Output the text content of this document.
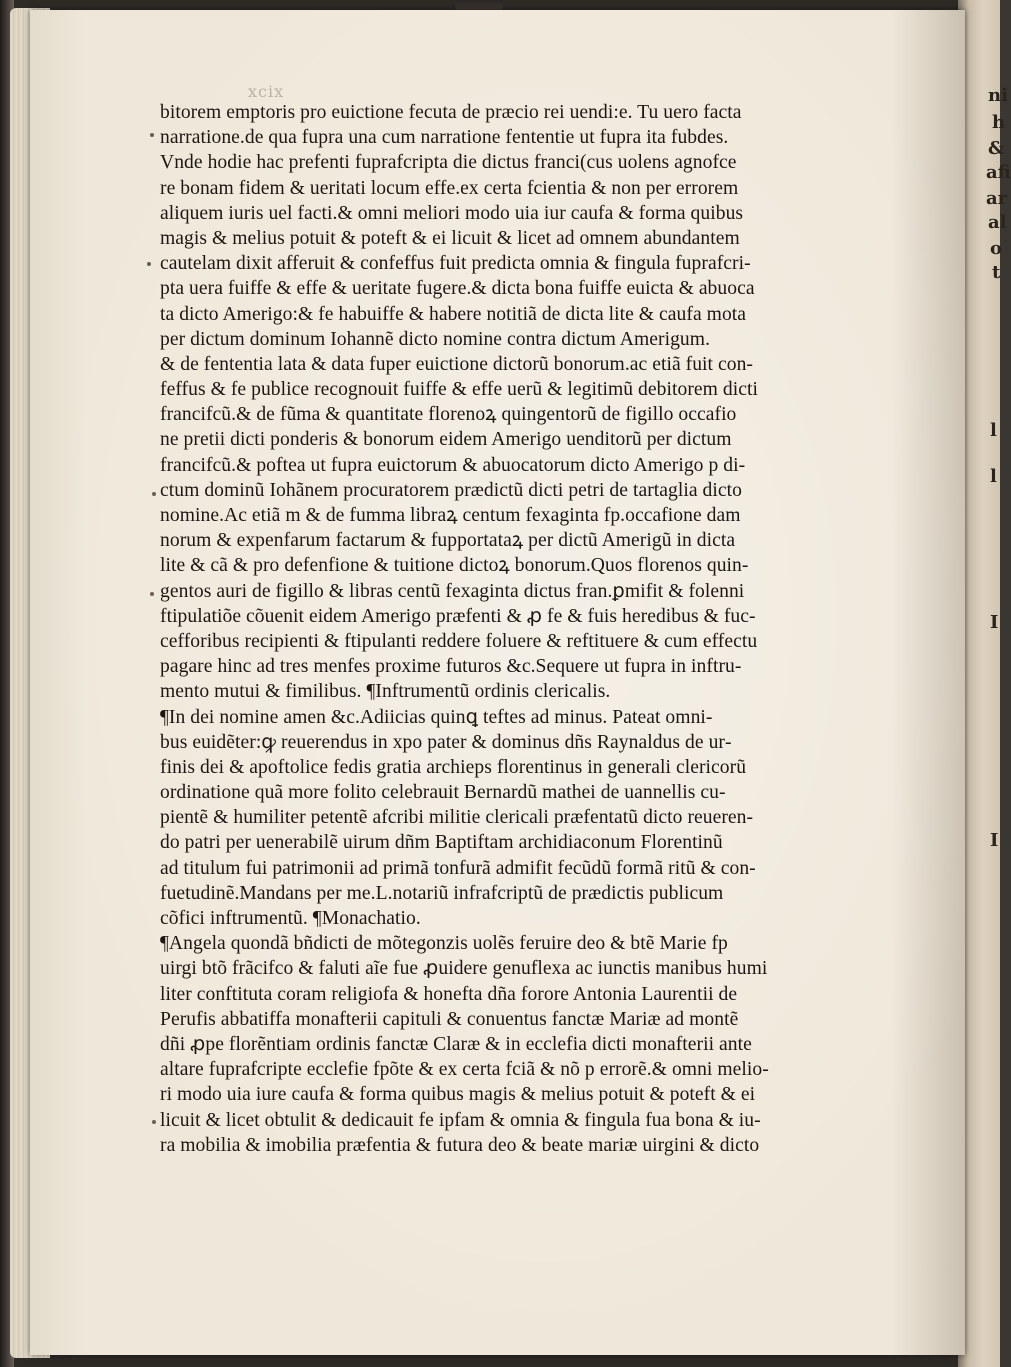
ni
h
&
afi
ar
al
o
t
l
l
I
I
xcix
bitorem emptoris pro euictione fecuta de prӕcio rei uendi:e. Tu uero facta
narratione.de qua fupra una cum narratione fententie ut fupra ita fubdes.
Vnde hodie hac prefenti fuprafcripta die dictus franci(cus uolens agnofce
re bonam fidem & ueritati locum effe.ex certa fcientia & non per errorem
aliquem iuris uel facti.& omni meliori modo uia iur caufa & forma quibus
magis & melius potuit & poteft & ei licuit & licet ad omnem abundantem
cautelam dixit afferuit & confeffus fuit predicta omnia & fingula fuprafcri‑
pta uera fuiffe & effe & ueritate fugere.& dicta bona fuiffe euicta & abuoca
ta dicto Amerigo:& fe habuiffe & habere notitiã de dicta lite & caufa mota
per dictum dominum Iohannẽ dicto nomine contra dictum Amerigum.
& de fententia lata & data fuper euictione dictorũ bonorum.ac etiã fuit con‑
feffus & fe publice recognouit fuiffe & effe uerũ & legitimũ debitorem dicti
francifcũ.& de fũma & quantitate florenoꝝ quingentorũ de figillo occafio
ne pretii dicti ponderis & bonorum eidem Amerigo uenditorũ per dictum
francifcũ.& poftea ut fupra euictorum & abuocatorum dicto Amerigo p di‑
ctum dominũ Iohãnem procuratorem prӕdictũ dicti petri de tartaglia dicto
nomine.Ac etiã m & de fumma libraꝝ centum fexaginta fp.occafione dam
norum & expenfarum factarum & fupportataꝝ per dictũ Amerigũ in dicta
lite & cã & pro defenfione & tuitione dictoꝝ bonorum.Quos florenos quin‑
gentos auri de figillo & libras centũ fexaginta dictus fran.ꝑmifit & folenni
ftipulatiõe cõuenit eidem Amerigo prӕfenti & ꝓ fe & fuis heredibus & fuc‑
cefforibus recipienti & ftipulanti reddere foluere & reftituere & cum effectu
pagare hinc ad tres menfes proxime futuros &c.Sequere ut fupra in inftru‑
mento mutui & fimilibus. ¶Inftrumentũ ordinis clericalis.
¶In dei nomine amen &c.Adiicias quinꝗ teftes ad minus. Pateat omni‑
bus euidẽter:ꝙ reuerendus in xpo pater & dominus dñs Raynaldus de ur‑
finis dei & apoftolice fedis gratia archieps florentinus in generali clericorũ
ordinatione quã more folito celebrauit Bernardũ mathei de uannellis cu‑
pientẽ & humiliter petentẽ afcribi militie clericali prӕfentatũ dicto reueren‑
do patri per uenerabilẽ uirum dñm Baptiftam archidiaconum Florentinũ
ad titulum fui patrimonii ad primã tonfurã admifit fecũdũ formã ritũ & con‑
fuetudinẽ.Mandans per me.L.notariũ infrafcriptũ de prӕdictis publicum
cõfici inftrumentũ. ¶Monachatio.
¶Angela quondã bñdicti de mõtegonzis uolẽs feruire deo & btẽ Marie fp
uirgi btõ frãcifco & faluti aĩe fue ꝓuidere genuflexa ac iunctis manibus humi
liter conftituta coram religiofa & honefta dña forore Antonia Laurentii de
Perufis abbatiffa monafterii capituli & conuentus fanctӕ Mariӕ ad montẽ
dñi ꝓpe florẽntiam ordinis fanctӕ Clarӕ & in ecclefia dicti monafterii ante
altare fuprafcripte ecclefie fpõte & ex certa fciã & nõ p errorẽ.& omni melio‑
ri modo uia iure caufa & forma quibus magis & melius potuit & poteft & ei
licuit & licet obtulit & dedicauit fe ipfam & omnia & fingula fua bona & iu‑
ra mobilia & imobilia prӕfentia & futura deo & beate mariӕ uirgini & dicto
